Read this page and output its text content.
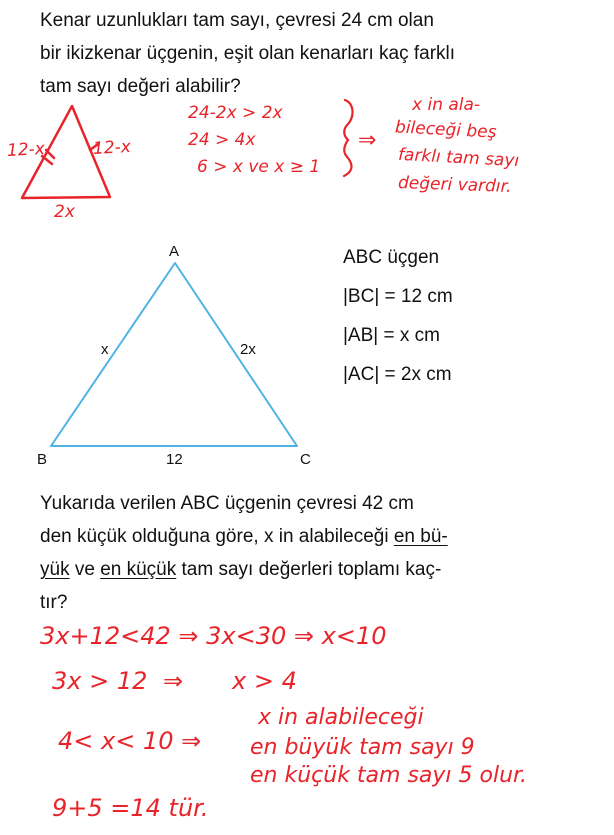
Kenar uzunlukları tam sayı, çevresi 24 cm olan
bir ikizkenar üçgenin, eşit olan kenarları kaç farklı
tam sayı değeri alabilir?
12-x	12-x
2x
24-2x > 2x
24 > 4x
6 > x ve x ≥ 1
⇒
x in ala-
bileceği beş
farklı tam sayı
değeri vardır.
A
B	C
x	2x
12
ABC üçgen
|BC| = 12 cm
|AB| = x cm
|AC| = 2x cm
Yukarıda verilen ABC üçgenin çevresi 42 cm
den küçük olduğuna göre, x in alabileceği en bü-
yük ve en küçük tam sayı değerleri toplamı kaç-
tır?
3x+12<42 ⇒ 3x<30 ⇒ x<10
3x > 12 ⇒ x > 4
4< x< 10 ⇒
x in alabileceği
en büyük tam sayı 9
en küçük tam sayı 5 olur.
9+5 =14 tür.
